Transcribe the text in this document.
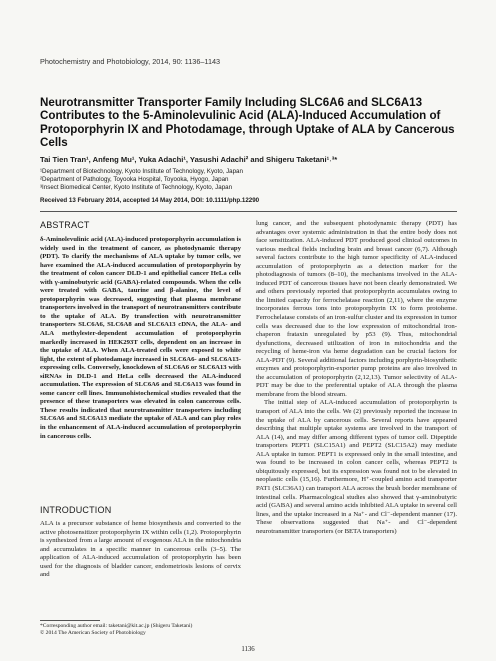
Photochemistry and Photobiology, 2014, 90: 1136–1143
Neurotransmitter Transporter Family Including SLC6A6 and SLC6A13 Contributes to the 5-Aminolevulinic Acid (ALA)-Induced Accumulation of Protoporphyrin IX and Photodamage, through Uptake of ALA by Cancerous Cells
Tai Tien Tran¹, Anfeng Mu¹, Yuka Adachi¹, Yasushi Adachi² and Shigeru Taketani¹˒³*
¹Department of Biotechnology, Kyoto Institute of Technology, Kyoto, Japan
²Department of Pathology, Toyooka Hospital, Toyooka, Hyogo, Japan
³Insect Biomedical Center, Kyoto Institute of Technology, Kyoto, Japan
Received 13 February 2014, accepted 14 May 2014, DOI: 10.1111/php.12290
ABSTRACT

δ-Aminolevulinic acid (ALA)-induced protoporphyrin accumulation is widely used in the treatment of cancer, as photodynamic therapy (PDT). To clarify the mechanisms of ALA uptake by tumor cells, we have examined the ALA-induced accumulation of protoporphyrin by the treatment of colon cancer DLD-1 and epithelial cancer HeLa cells with γ-aminobutyric acid (GABA)-related compounds. When the cells were treated with GABA, taurine and β-alanine, the level of protoporphyrin was decreased, suggesting that plasma membrane transporters involved in the transport of neurotransmitters contribute to the uptake of ALA. By transfection with neurotransmitter transporters SLC6A6, SLC6A8 and SLC6A13 cDNA, the ALA- and ALA methylester-dependent accumulation of protoporphyrin markedly increased in HEK293T cells, dependent on an increase in the uptake of ALA. When ALA-treated cells were exposed to white light, the extent of photodamage increased in SLC6A6- and SLC6A13-expressing cells. Conversely, knockdown of SLC6A6 or SLC6A13 with siRNAs in DLD-1 and HeLa cells decreased the ALA-induced accumulation. The expression of SLC6A6 and SLC6A13 was found in some cancer cell lines. Immunohistochemical studies revealed that the presence of these transporters was elevated in colon cancerous cells. These results indicated that neurotransmitter transporters including SLC6A6 and SLC6A13 mediate the uptake of ALA and can play roles in the enhancement of ALA-induced accumulation of protoporphyrin in cancerous cells.

INTRODUCTION

ALA is a precursor substance of heme biosynthesis and converted to the active photosensitizer protoporphyrin IX within cells (1,2). Protoporphyrin is synthesized from a large amount of exogenous ALA in the mitochondria and accumulates in a specific manner in cancerous cells (3–5). The application of ALA-induced accumulation of protoporphyrin has been used for the diagnosis of bladder cancer, endometriosis lesions of cervix and

lung cancer, and the subsequent photodynamic therapy (PDT) has advantages over systemic administration in that the entire body does not face sensitization. ALA-induced PDT produced good clinical outcomes in various medical fields including brain and breast cancer (6,7). Although several factors contribute to the high tumor specificity of ALA-induced accumulation of protoporphyrin as a detection marker for the photodiagnosis of tumors (8–10), the mechanisms involved in the ALA-induced PDT of cancerous tissues have not been clearly demonstrated. We and others previously reported that protoporphyrin accumulates owing to the limited capacity for ferrochelatase reaction (2,11), where the enzyme incorporates ferrous ions into protoporphyrin IX to form protoheme. Ferrochelatase consists of an iron-sulfur cluster and its expression in tumor cells was decreased due to the low expression of mitochondrial iron-chaperon frataxin unregulated by p53 (9). Thus, mitochondrial dysfunctions, decreased utilization of iron in mitochondria and the recycling of heme-iron via heme degradation can be crucial factors for ALA-PDT (9). Several additional factors including porphyrin-biosynthetic enzymes and protoporphyrin-exporter pump proteins are also involved in the accumulation of protoporphyrin (2,12,13). Tumor selectivity of ALA-PDT may be due to the preferential uptake of ALA through the plasma membrane from the blood stream.

The initial step of ALA-induced accumulation of protoporphyrin is transport of ALA into the cells. We (2) previously reported the increase in the uptake of ALA by cancerous cells. Several reports have appeared describing that multiple uptake systems are involved in the transport of ALA (14), and may differ among different types of tumor cell. Dipeptide transporters PEPT1 (SLC15A1) and PEPT2 (SLC15A2) may mediate ALA uptake in tumor. PEPT1 is expressed only in the small intestine, and was found to be increased in colon cancer cells, whereas PEPT2 is ubiquitously expressed, but its expression was found not to be elevated in neoplastic cells (15,16). Furthermore, H⁺-coupled amino acid transporter PAT1 (SLC36A1) can transport ALA across the brush border membrane of intestinal cells. Pharmacological studies also showed that γ-aminobutyric acid (GABA) and several amino acids inhibited ALA uptake in several cell lines, and the uptake increased in a Na⁺- and Cl⁻-dependent manner (17). These observations suggested that Na⁺- and Cl⁻-dependent neurotransmitter transporters (or BETA transporters)

*Corresponding author email: taketani@kit.ac.jp (Shigeru Taketani)
© 2014 The American Society of Photobiology
1136
